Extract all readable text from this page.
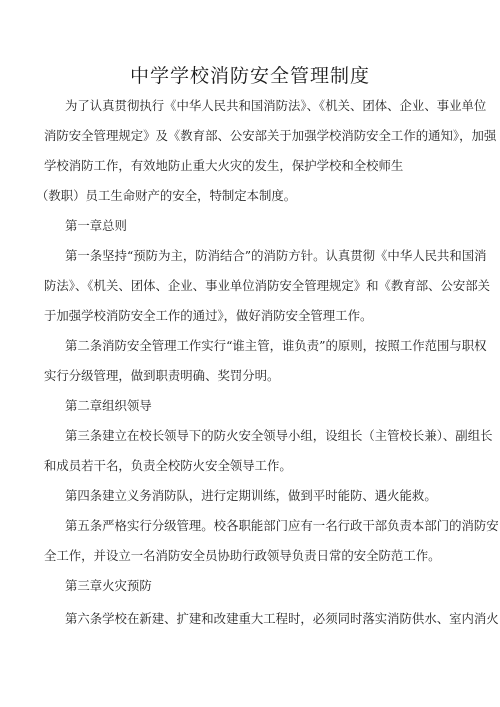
中学学校消防安全管理制度
为了认真贯彻执行《中华人民共和国消防法》、《机关、团体、企业、事业单位
消防安全管理规定》及《教育部、公安部关于加强学校消防安全工作的通知》，加强
学校消防工作，有效地防止重大火灾的发生，保护学校和全校师生
（教职）员工生命财产的安全，特制定本制度。
第一章总则
第一条坚持“预防为主，防消结合”的消防方针。认真贯彻《中华人民共和国消
防法》、《机关、团体、企业、事业单位消防安全管理规定》和《教育部、公安部关
于加强学校消防安全工作的通过》，做好消防安全管理工作。
第二条消防安全管理工作实行“谁主管，谁负责”的原则，按照工作范围与职权
实行分级管理，做到职责明确、奖罚分明。
第二章组织领导
第三条建立在校长领导下的防火安全领导小组，设组长（主管校长兼）、副组长
和成员若干名，负责全校防火安全领导工作。
第四条建立义务消防队，进行定期训练，做到平时能防、遇火能救。
第五条严格实行分级管理。校各职能部门应有一名行政干部负责本部门的消防安
全工作，并设立一名消防安全员协助行政领导负责日常的安全防范工作。
第三章火灾预防
第六条学校在新建、扩建和改建重大工程时，必须同时落实消防供水、室内消火
